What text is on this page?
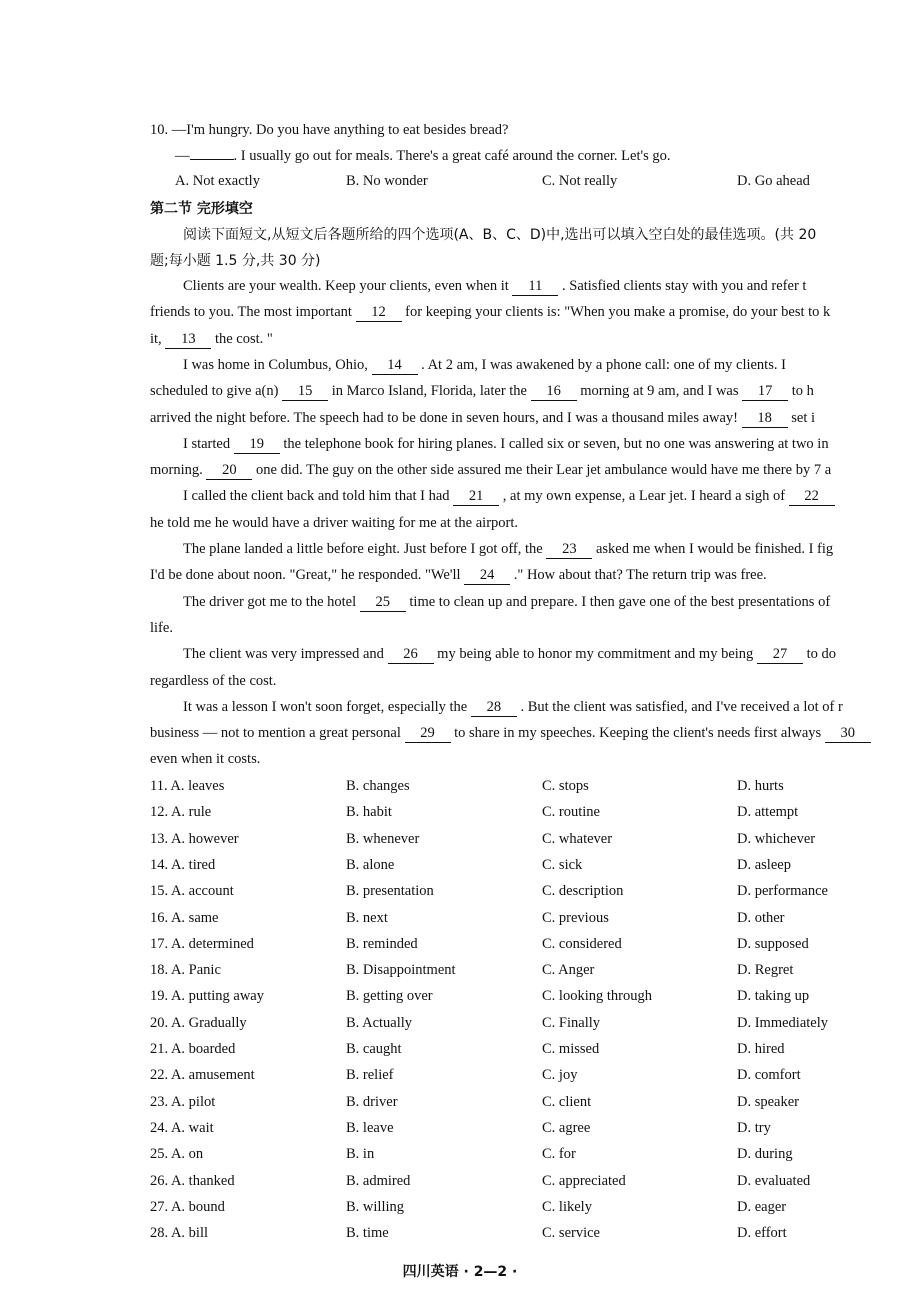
10. —I'm hungry. Do you have anything to eat besides bread?
—	. I usually go out for meals. There's a great café around the corner. Let's go.
A. Not exactly	B. No wonder	C. Not really	D. Go ahead
第二节 完形填空
阅读下面短文,从短文后各题所给的四个选项(A、B、C、D)中,选出可以填入空白处的最佳选项。(共 20
题;每小题 1.5 分,共 30 分)
Clients are your wealth. Keep your clients, even when it 11 . Satisfied clients stay with you and refer t
friends to you. The most important 12 for keeping your clients is: "When you make a promise, do your best to k
it, 13 the cost. "
I was home in Columbus, Ohio, 14 . At 2 am, I was awakened by a phone call: one of my clients. I
scheduled to give a(n) 15 in Marco Island, Florida, later the 16 morning at 9 am, and I was 17 to h
arrived the night before. The speech had to be done in seven hours, and I was a thousand miles away! 18 set i
I started 19 the telephone book for hiring planes. I called six or seven, but no one was answering at two in
morning. 20 one did. The guy on the other side assured me their Lear jet ambulance would have me there by 7 a
I called the client back and told him that I had 21 , at my own expense, a Lear jet. I heard a sigh of 22
he told me he would have a driver waiting for me at the airport.
The plane landed a little before eight. Just before I got off, the 23 asked me when I would be finished. I fig
I'd be done about noon. "Great," he responded. "We'll 24 ." How about that? The return trip was free.
The driver got me to the hotel 25 time to clean up and prepare. I then gave one of the best presentations of
life.
The client was very impressed and 26 my being able to honor my commitment and my being 27 to do
regardless of the cost.
It was a lesson I won't soon forget, especially the 28 . But the client was satisfied, and I've received a lot of r
business — not to mention a great personal 29 to share in my speeches. Keeping the client's needs first always 30
even when it costs.
11. A. leaves	B. changes	C. stops	D. hurts
12. A. rule	B. habit	C. routine	D. attempt
13. A. however	B. whenever	C. whatever	D. whichever
14. A. tired	B. alone	C. sick	D. asleep
15. A. account	B. presentation	C. description	D. performance
16. A. same	B. next	C. previous	D. other
17. A. determined	B. reminded	C. considered	D. supposed
18. A. Panic	B. Disappointment	C. Anger	D. Regret
19. A. putting away	B. getting over	C. looking through	D. taking up
20. A. Gradually	B. Actually	C. Finally	D. Immediately
21. A. boarded	B. caught	C. missed	D. hired
22. A. amusement	B. relief	C. joy	D. comfort
23. A. pilot	B. driver	C. client	D. speaker
24. A. wait	B. leave	C. agree	D. try
25. A. on	B. in	C. for	D. during
26. A. thanked	B. admired	C. appreciated	D. evaluated
27. A. bound	B. willing	C. likely	D. eager
28. A. bill	B. time	C. service	D. effort
四川英语 · 2—2 ·
